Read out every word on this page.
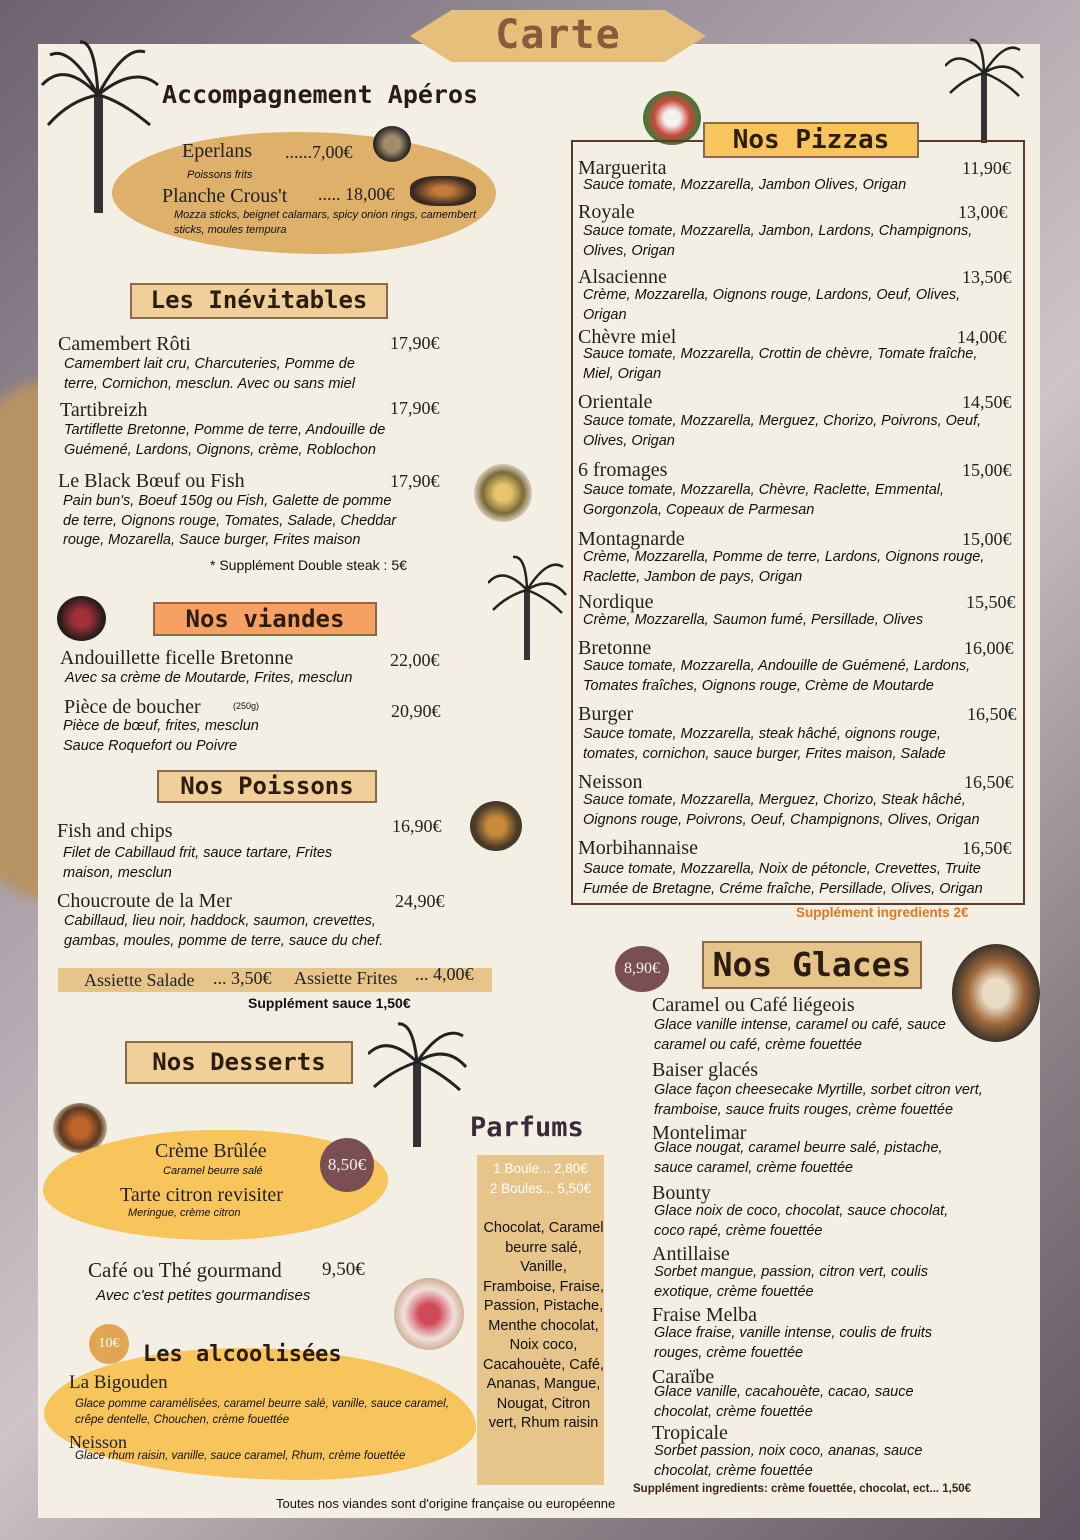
Carte
Accompagnement Apéros
Eperlans ......7,00€
Poissons frits
Planche Crous't ..... 18,00€
Mozza sticks, beignet calamars, spicy onion rings, camembert sticks, moules tempura
Les Inévitables
Camembert Rôti	17,90€
Camembert lait cru, Charcuteries, Pomme de terre, Cornichon, mesclun. Avec ou sans miel
Tartibreizh	17,90€
Tartiflette Bretonne, Pomme de terre, Andouille de Guémené, Lardons, Oignons, crème, Roblochon
Le Black Bœuf ou Fish	17,90€
Pain bun's, Boeuf 150g ou Fish, Galette de pomme de terre, Oignons rouge, Tomates, Salade, Cheddar rouge, Mozarella, Sauce burger, Frites maison
* Supplément Double steak : 5€
Nos viandes
Andouillette ficelle Bretonne	22,00€
Avec sa crème de Moutarde, Frites, mesclun
Pièce de boucher	(250g)	20,90€
Pièce de bœuf, frites, mesclun
Sauce Roquefort ou Poivre
Nos Poissons
Fish and chips	16,90€
Filet de Cabillaud frit, sauce tartare, Frites maison, mesclun
Choucroute de la Mer	24,90€
Cabillaud, lieu noir, haddock, saumon, crevettes, gambas, moules, pomme de terre, sauce du chef.
Assiette Salade ... 3,50€ Assiette Frites ... 4,00€
Supplément sauce 1,50€
Nos Desserts
Crème Brûlée
Caramel beurre salé
Tarte citron revisiter
Meringue, crème citron
8,50€
Café ou Thé gourmand 9,50€
Avec c'est petites gourmandises
10€	Les alcoolisées
La Bigouden
Glace pomme caramélisées, caramel beurre salé, vanille, sauce caramel, crêpe dentelle, Chouchen, crème fouettée
Neisson
Glace rhum raisin, vanille, sauce caramel, Rhum, crème fouettée
Parfums
1 Boule... 2,80€
2 Boules... 5,50€
Chocolat, Caramel beurre salé, Vanille, Framboise, Fraise, Passion, Pistache, Menthe chocolat, Noix coco, Cacahouète, Café, Ananas, Mangue, Nougat, Citron vert, Rhum raisin
Nos Pizzas
Marguerita	11,90€
Sauce tomate, Mozzarella, Jambon Olives, Origan
Royale	13,00€
Sauce tomate, Mozzarella, Jambon, Lardons, Champignons, Olives, Origan
Alsacienne	13,50€
Crème, Mozzarella, Oignons rouge, Lardons, Oeuf, Olives, Origan
Chèvre miel	14,00€
Sauce tomate, Mozzarella, Crottin de chèvre, Tomate fraîche, Miel, Origan
Orientale	14,50€
Sauce tomate, Mozzarella, Merguez, Chorizo, Poivrons, Oeuf, Olives, Origan
6 fromages	15,00€
Sauce tomate, Mozzarella, Chèvre, Raclette, Emmental, Gorgonzola, Copeaux de Parmesan
Montagnarde	15,00€
Crème, Mozzarella, Pomme de terre, Lardons, Oignons rouge, Raclette, Jambon de pays, Origan
Nordique	15,50€
Crème, Mozzarella, Saumon fumé, Persillade, Olives
Bretonne	16,00€
Sauce tomate, Mozzarella, Andouille de Guémené, Lardons, Tomates fraîches, Oignons rouge, Crème de Moutarde
Burger	16,50€
Sauce tomate, Mozzarella, steak hâché, oignons rouge, tomates, cornichon, sauce burger, Frites maison, Salade
Neisson	16,50€
Sauce tomate, Mozzarella, Merguez, Chorizo, Steak hâché, Oignons rouge, Poivrons, Oeuf, Champignons, Olives, Origan
Morbihannaise	16,50€
Sauce tomate, Mozzarella, Noix de pétoncle, Crevettes, Truite Fumée de Bretagne, Créme fraîche, Persillade, Olives, Origan
Supplément ingredients 2€
8,90€	Nos Glaces
Caramel ou Café liégeois
Glace vanille intense, caramel ou café, sauce caramel ou café, crème fouettée
Baiser glacés
Glace façon cheesecake Myrtille, sorbet citron vert, framboise, sauce fruits rouges, crème fouettée
Montelimar
Glace nougat, caramel beurre salé, pistache, sauce caramel, crème fouettée
Bounty
Glace noix de coco, chocolat, sauce chocolat, coco rapé, crème fouettée
Antillaise
Sorbet mangue, passion, citron vert, coulis exotique, crème fouettée
Fraise Melba
Glace fraise, vanille intense, coulis de fruits rouges, crème fouettée
Caraïbe
Glace vanille, cacahouète, cacao, sauce chocolat, crème fouettée
Tropicale
Sorbet passion, noix coco, ananas, sauce chocolat, crème fouettée
Supplément ingredients: crème fouettée, chocolat, ect... 1,50€
Toutes nos viandes sont d'origine française ou européenne
